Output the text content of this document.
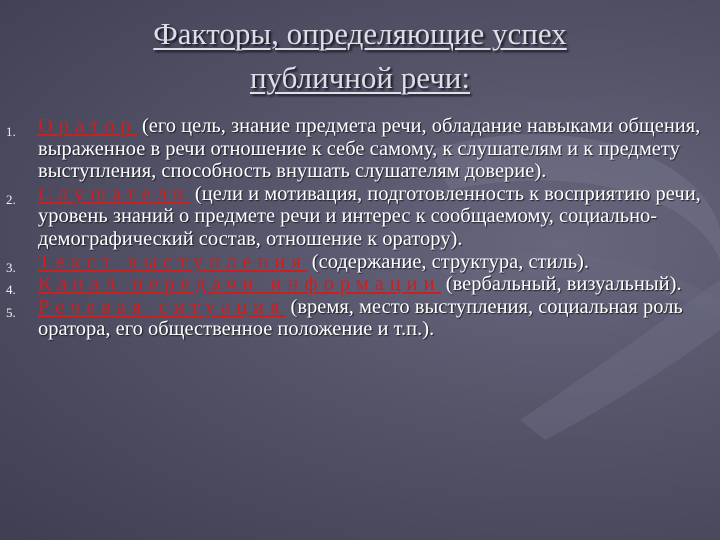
Факторы, определяющие успех
публичной речи:
1. Оратор (его цель, знание предмета речи, обладание навыками общения, выраженное в речи отношение к себе самому, к слушателям и к предмету выступления, способность внушать слушателям доверие).
2. Слушатели (цели и мотивация, подготовленность к восприятию речи, уровень знаний о предмете речи и интерес к сообщаемому, социально-демографический состав, отношение к оратору).
3. Текст выступления (содержание, структура, стиль).
4. Канал передачи информации (вербальный, визуальный).
5. Речевая ситуация (время, место выступления, социальная роль оратора, его общественное положение и т.п.).
